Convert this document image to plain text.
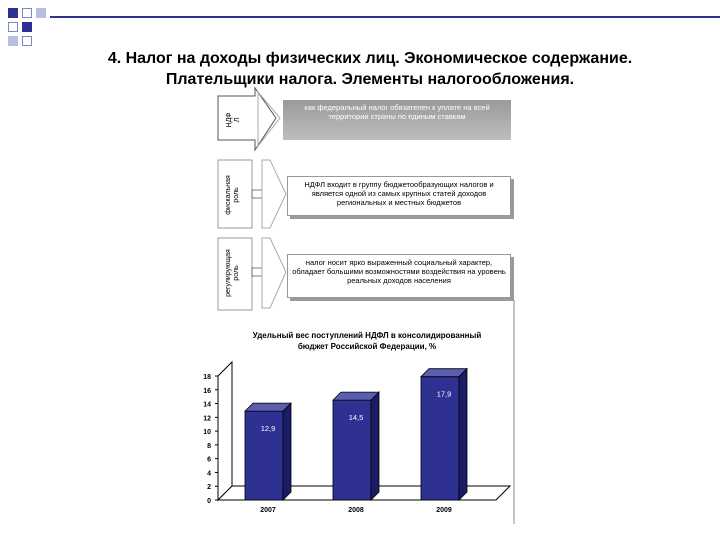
4. Налог на доходы физических лиц. Экономическое содержание.
Плательщики налога. Элементы налогообложения.
НДФ
Л
фискальная
роль
регулирующая
роль
как федеральный налог обязателен к уплате на всей территории страны по единым ставкам
НДФЛ входит в группу бюджетообразующих налогов и является одной из самых крупных статей доходов региональных и местных бюджетов
налог носит ярко выраженный социальный характер, обладает большими возможностями воздействия на уровень реальных доходов населения
Удельный вес поступлений НДФЛ в консолидированный
бюджет Российской Федерации, %
0
2
4
6
8
10
12
14
16
18
12,9
2007
14,5
2008
17,9
2009
